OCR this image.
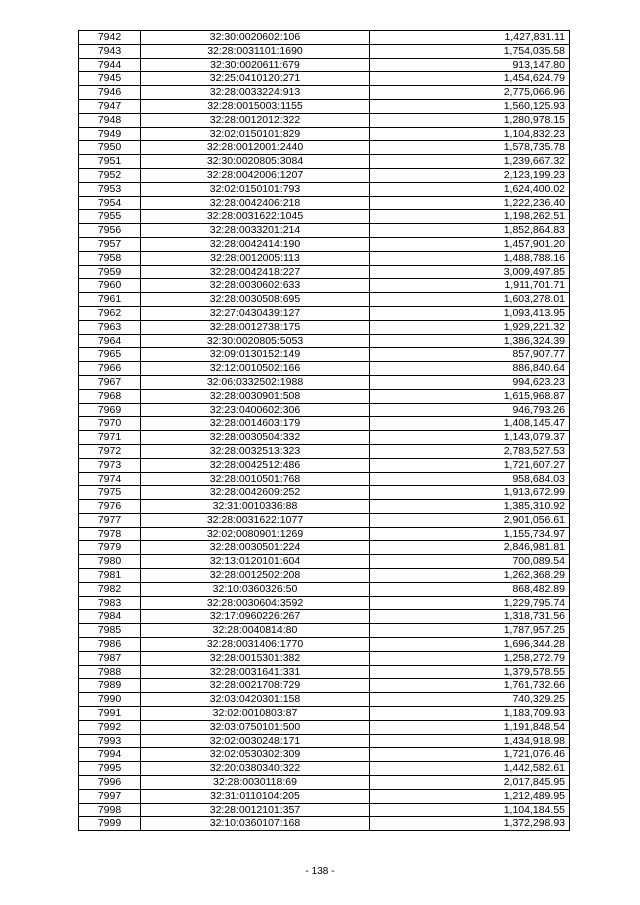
7942	32:30:0020602:106	1,427,831.11
7943	32:28:0031101:1690	1,754,035.58
7944	32:30:0020611:679	913,147.80
7945	32:25:0410120:271	1,454,624.79
7946	32:28:0033224:913	2,775,066.96
7947	32:28:0015003:1155	1,560,125.93
7948	32:28:0012012:322	1,280,978.15
7949	32:02:0150101:829	1,104,832.23
7950	32:28:0012001:2440	1,578,735.78
7951	32:30:0020805:3084	1,239,667.32
7952	32:28:0042006:1207	2,123,199.23
7953	32:02:0150101:793	1,624,400.02
7954	32:28:0042406:218	1,222,236.40
7955	32:28:0031622:1045	1,198,262.51
7956	32:28:0033201:214	1,852,864.83
7957	32:28:0042414:190	1,457,901.20
7958	32:28:0012005:113	1,488,788.16
7959	32:28:0042418:227	3,009,497.85
7960	32:28:0030602:633	1,911,701.71
7961	32:28:0030508:695	1,603,278.01
7962	32:27:0430439:127	1,093,413.95
7963	32:28:0012738:175	1,929,221.32
7964	32:30:0020805:5053	1,386,324.39
7965	32:09:0130152:149	857,907.77
7966	32:12:0010502:166	886,840.64
7967	32:06:0332502:1988	994,623.23
7968	32:28:0030901:508	1,615,968.87
7969	32:23:0400602:306	946,793.26
7970	32:28:0014603:179	1,408,145.47
7971	32:28:0030504:332	1,143,079.37
7972	32:28:0032513:323	2,783,527.53
7973	32:28:0042512:486	1,721,607.27
7974	32:28:0010501:768	958,684.03
7975	32:28:0042609:252	1,913,672.99
7976	32:31:0010336:88	1,385,310.92
7977	32:28:0031622:1077	2,901,056.61
7978	32:02:0080901:1269	1,155,734.97
7979	32:28:0030501:224	2,846,981.81
7980	32:13:0120101:604	700,089.54
7981	32:28:0012502:208	1,262,368.29
7982	32:10:0360326:50	868,482.89
7983	32:28:0030604:3592	1,229,795.74
7984	32:17:0960226:267	1,318,731.56
7985	32:28:0040814:80	1,787,957.25
7986	32:28:0031406:1770	1,696,344.28
7987	32:28:0015301:382	1,258,272.79
7988	32:28:0031641:331	1,379,578.55
7989	32:28:0021708:729	1,761,732.66
7990	32:03:0420301:158	740,329.25
7991	32:02:0010803:87	1,183,709.93
7992	32:03:0750101:500	1,191,848.54
7993	32:02:0030248:171	1,434,918.98
7994	32:02:0530302:309	1,721,076.46
7995	32:20:0380340:322	1,442,582.61
7996	32:28:0030118:69	2,017,845.95
7997	32:31:0110104:205	1,212,489.95
7998	32:28:0012101:357	1,104,184.55
7999	32:10:0360107:168	1,372,298.93
- 138 -
